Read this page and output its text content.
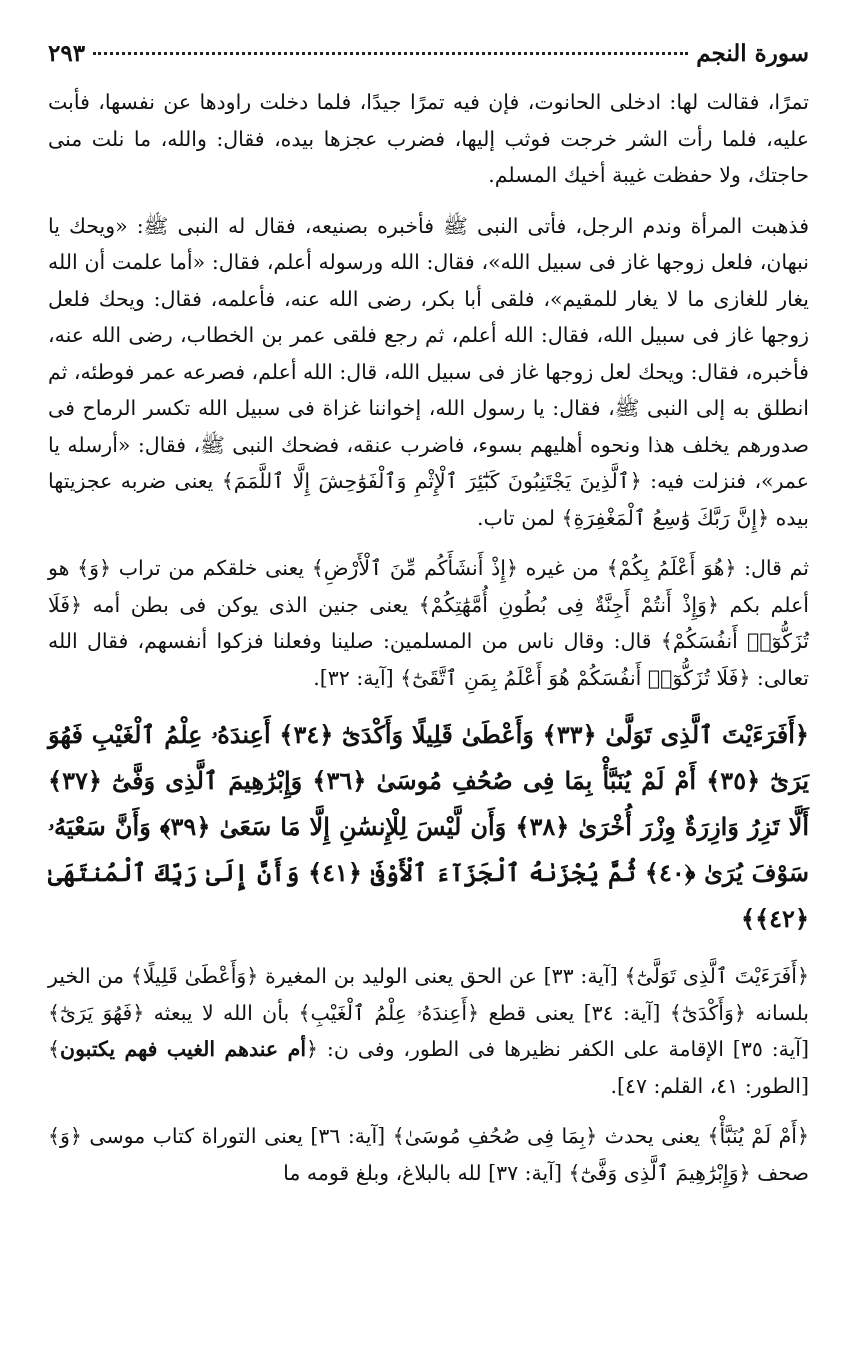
سورة النجم
٢٩٣

تمرًا، فقالت لها: ادخلى الحانوت، فإن فيه تمرًا جيدًا، فلما دخلت راودها عن نفسها، فأبت عليه، فلما رأت الشر خرجت فوثب إليها، فضرب عجزها بيده، فقال: والله، ما نلت منى حاجتك، ولا حفظت غيبة أخيك المسلم.

فذهبت المرأة وندم الرجل، فأتى النبى ﷺ فأخبره بصنيعه، فقال له النبى ﷺ: «ويحك يا نبهان، فلعل زوجها غاز فى سبيل الله»، فقال: الله ورسوله أعلم، فقال: «أما علمت أن الله يغار للغازى ما لا يغار للمقيم»، فلقى أبا بكر، رضى الله عنه، فأعلمه، فقال: ويحك فلعل زوجها غاز فى سبيل الله، فقال: الله أعلم، ثم رجع فلقى عمر بن الخطاب، رضى الله عنه، فأخبره، فقال: ويحك لعل زوجها غاز فى سبيل الله، قال: الله أعلم، فصرعه عمر فوطئه، ثم انطلق به إلى النبى ﷺ، فقال: يا رسول الله، إخواننا غزاة فى سبيل الله تكسر الرماح فى صدورهم يخلف هذا ونحوه أهليهم بسوء، فاضرب عنقه، فضحك النبى ﷺ، فقال: «أرسله يا عمر»، فنزلت فيه: ﴿ٱلَّذِينَ يَجْتَنِبُونَ كَبَٰٓئِرَ ٱلْإِثْمِ وَٱلْفَوَٰحِشَ إِلَّا ٱللَّمَمَ﴾ يعنى ضربه عجزيتها بيده ﴿إِنَّ رَبَّكَ وَٰسِعُ ٱلْمَغْفِرَةِ﴾ لمن تاب.

ثم قال: ﴿هُوَ أَعْلَمُ بِكُمْ﴾ من غيره ﴿إِذْ أَنشَأَكُم مِّنَ ٱلْأَرْضِ﴾ يعنى خلقكم من تراب ﴿وَ﴾ هو أعلم بكم ﴿وَإِذْ أَنتُمْ أَجِنَّةٌ فِى بُطُونِ أُمَّهَٰتِكُمْ﴾ يعنى جنين الذى يوكن فى بطن أمه ﴿فَلَا تُزَكُّوٓا۟ أَنفُسَكُمْ﴾ قال: وقال ناس من المسلمين: صلينا وفعلنا فزكوا أنفسهم، فقال الله تعالى: ﴿فَلَا تُزَكُّوٓا۟ أَنفُسَكُمْ هُوَ أَعْلَمُ بِمَنِ ٱتَّقَىٰٓ﴾ [آية: ٣٢].

﴿أَفَرَءَيْتَ ٱلَّذِى تَوَلَّىٰ ﴿٣٣﴾ وَأَعْطَىٰ قَلِيلًا وَأَكْدَىٰٓ ﴿٣٤﴾ أَعِندَهُۥ عِلْمُ ٱلْغَيْبِ فَهُوَ يَرَىٰٓ ﴿٣٥﴾ أَمْ لَمْ يُنَبَّأْ بِمَا فِى صُحُفِ مُوسَىٰ ﴿٣٦﴾ وَإِبْرَٰهِيمَ ٱلَّذِى وَفَّىٰٓ ﴿٣٧﴾ أَلَّا تَزِرُ وَازِرَةٌ وِزْرَ أُخْرَىٰ ﴿٣٨﴾ وَأَن لَّيْسَ لِلْإِنسَٰنِ إِلَّا مَا سَعَىٰ ﴿٣٩﴾ وَأَنَّ سَعْيَهُۥ سَوْفَ يُرَىٰ ﴿٤٠﴾ ثُمَّ يُجْزَىٰهُ ٱلْجَزَآءَ ٱلْأَوْفَىٰ ﴿٤١﴾ وَأَنَّ إِلَىٰ رَبِّكَ ٱلْمُنتَهَىٰ ﴿٤٢﴾﴾

﴿أَفَرَءَيْتَ ٱلَّذِى تَوَلَّىٰٓ﴾ [آية: ٣٣] عن الحق يعنى الوليد بن المغيرة ﴿وَأَعْطَىٰ قَلِيلًا﴾ من الخير بلسانه ﴿وَأَكْدَىٰٓ﴾ [آية: ٣٤] يعنى قطع ﴿أَعِندَهُۥ عِلْمُ ٱلْغَيْبِ﴾ بأن الله لا يبعثه ﴿فَهُوَ يَرَىٰٓ﴾ [آية: ٣٥] الإقامة على الكفر نظيرها فى الطور، وفى ن: ﴿أم عندهم الغيب فهم يكتبون﴾ [الطور: ٤١، القلم: ٤٧].

﴿أَمْ لَمْ يُنَبَّأْ﴾ يعنى يحدث ﴿بِمَا فِى صُحُفِ مُوسَىٰ﴾ [آية: ٣٦] يعنى التوراة كتاب موسى ﴿وَ﴾ صحف ﴿وَإِبْرَٰهِيمَ ٱلَّذِى وَفَّىٰٓ﴾ [آية: ٣٧] لله بالبلاغ، وبلغ قومه ما
